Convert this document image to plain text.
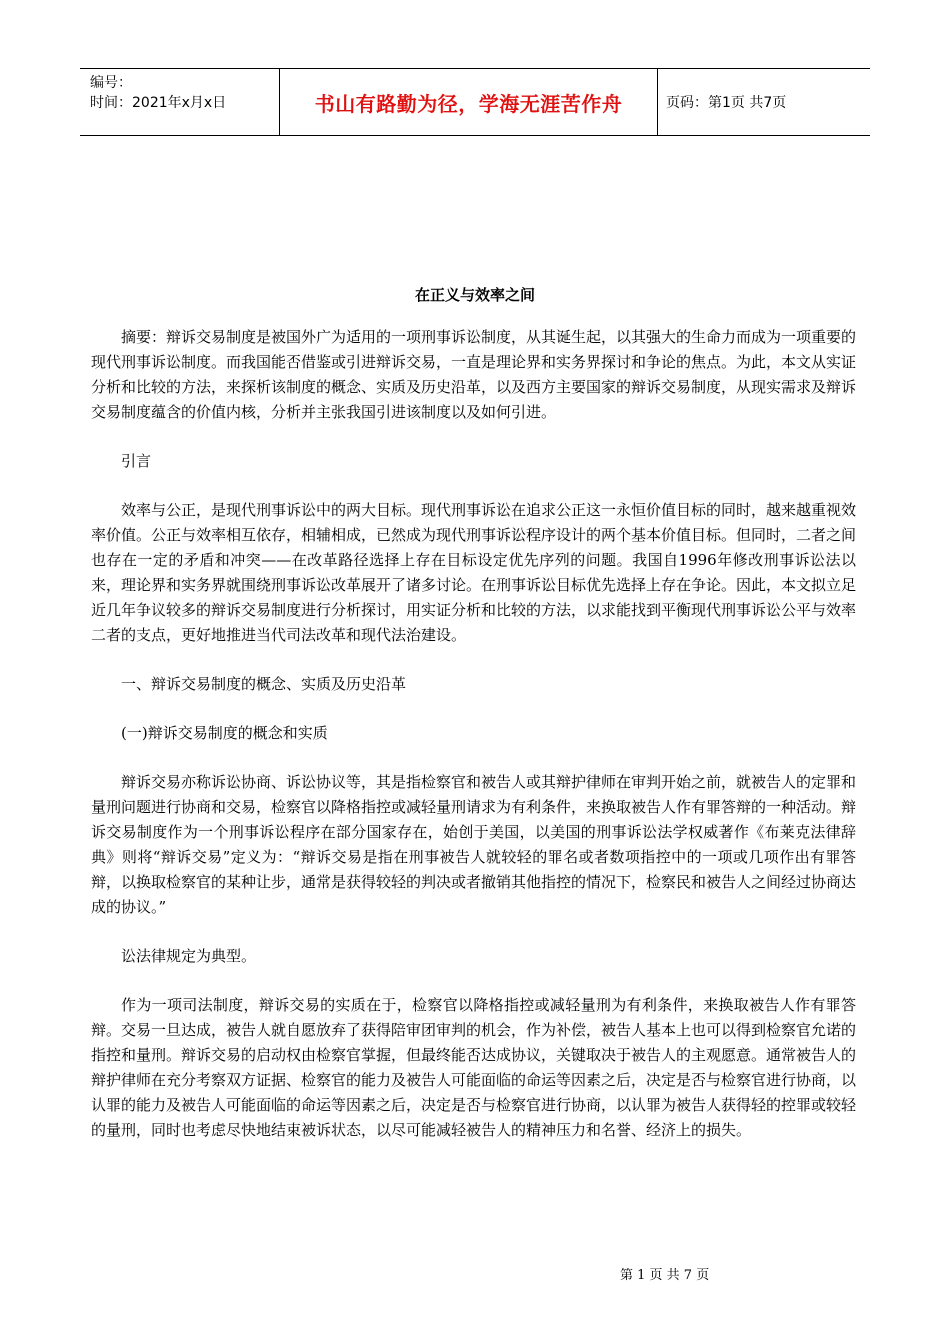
编号：
时间：2021年x月x日	书山有路勤为径，学海无涯苦作舟	页码：第1页 共7页
在正义与效率之间

摘要：辩诉交易制度是被国外广为适用的一项刑事诉讼制度，从其诞生起，以其强大的生命力而成为一项重要的现代刑事诉讼制度。而我国能否借鉴或引进辩诉交易，一直是理论界和实务界探讨和争论的焦点。为此，本文从实证分析和比较的方法，来探析该制度的概念、实质及历史沿革，以及西方主要国家的辩诉交易制度，从现实需求及辩诉交易制度蕴含的价值内核，分析并主张我国引进该制度以及如何引进。

引言

效率与公正，是现代刑事诉讼中的两大目标。现代刑事诉讼在追求公正这一永恒价值目标的同时，越来越重视效率价值。公正与效率相互依存，相辅相成，已然成为现代刑事诉讼程序设计的两个基本价值目标。但同时，二者之间也存在一定的矛盾和冲突——在改革路径选择上存在目标设定优先序列的问题。我国自1996年修改刑事诉讼法以来，理论界和实务界就围绕刑事诉讼改革展开了诸多讨论。在刑事诉讼目标优先选择上存在争论。因此，本文拟立足近几年争议较多的辩诉交易制度进行分析探讨，用实证分析和比较的方法，以求能找到平衡现代刑事诉讼公平与效率二者的支点，更好地推进当代司法改革和现代法治建设。

一、辩诉交易制度的概念、实质及历史沿革

(一)辩诉交易制度的概念和实质

辩诉交易亦称诉讼协商、诉讼协议等，其是指检察官和被告人或其辩护律师在审判开始之前，就被告人的定罪和量刑问题进行协商和交易，检察官以降格指控或减轻量刑请求为有利条件，来换取被告人作有罪答辩的一种活动。辩诉交易制度作为一个刑事诉讼程序在部分国家存在，始创于美国，以美国的刑事诉讼法学权威著作《布莱克法律辞典》则将“辩诉交易”定义为：“辩诉交易是指在刑事被告人就较轻的罪名或者数项指控中的一项或几项作出有罪答辩，以换取检察官的某种让步，通常是获得较轻的判决或者撤销其他指控的情况下，检察民和被告人之间经过协商达成的协议。”

讼法律规定为典型。

作为一项司法制度，辩诉交易的实质在于，检察官以降格指控或减轻量刑为有利条件，来换取被告人作有罪答辩。交易一旦达成，被告人就自愿放弃了获得陪审团审判的机会，作为补偿，被告人基本上也可以得到检察官允诺的指控和量刑。辩诉交易的启动权由检察官掌握，但最终能否达成协议，关键取决于被告人的主观愿意。通常被告人的辩护律师在充分考察双方证据、检察官的能力及被告人可能面临的命运等因素之后，决定是否与检察官进行协商，以认罪的能力及被告人可能面临的命运等因素之后，决定是否与检察官进行协商，以认罪为被告人获得轻的控罪或较轻的量刑，同时也考虑尽快地结束被诉状态，以尽可能减轻被告人的精神压力和名誉、经济上的损失。

第 1 页 共 7 页
